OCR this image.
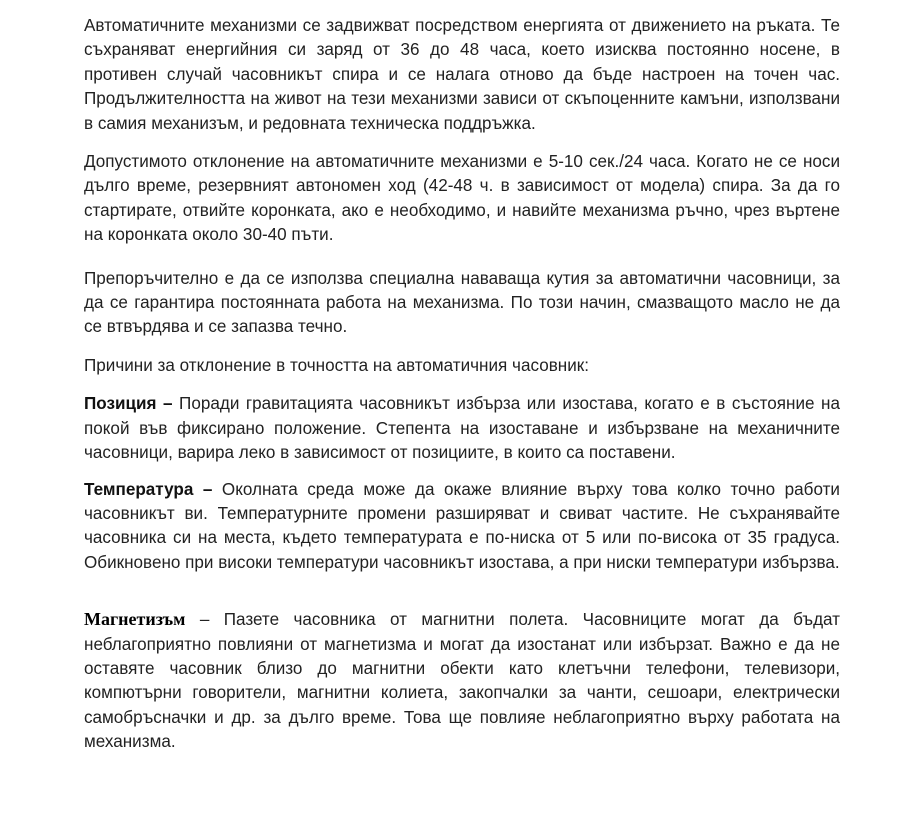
Автоматичните механизми се задвижват посредством енергията от движението на ръката. Те съхраняват енергийния си заряд от 36 до 48 часа, което изисква постоянно носене, в противен случай часовникът спира и се налага отново да бъде настроен на точен час. Продължителността на живот на тези механизми зависи от скъпоценните камъни, използвани в самия механизъм, и редовната техническа поддръжка.

Допустимото отклонение на автоматичните механизми е 5-10 сек./24 часа. Когато не се носи дълго време, резервният автономен ход (42-48 ч. в зависимост от модела) спира. За да го стартирате, отвийте коронката, ако е необходимо, и навийте механизма ръчно, чрез въртене на коронката около 30-40 пъти.

Препоръчително е да се използва специална нававаща кутия за автоматични часовници, за да се гарантира постоянната работа на механизма. По този начин, смазващото масло не да се втвърдява и се запазва течно.

Причини за отклонение в точността на автоматичния часовник:

Позиция – Поради гравитацията часовникът избърза или изостава, когато е в състояние на покой във фиксирано положение. Степента на изоставане и избързване на механичните часовници, варира леко в зависимост от позициите, в които са поставени.

Температура – Околната среда може да окаже влияние върху това колко точно работи часовникът ви. Температурните промени разширяват и свиват частите. Не съхранявайте часовника си на места, където температурата е по-ниска от 5 или по-висока от 35 градуса. Обикновено при високи температури часовникът изостава, а при ниски температури избързва.

Магнетизъм – Пазете часовника от магнитни полета. Часовниците могат да бъдат неблагоприятно повлияни от магнетизма и могат да изостанат или избързат. Важно е да не оставяте часовник близо до магнитни обекти като клетъчни телефони, телевизори, компютърни говорители, магнитни колиета, закопчалки за чанти, сешоари, електрически самобръсначки и др. за дълго време. Това ще повлияе неблагоприятно върху работата на механизма.
